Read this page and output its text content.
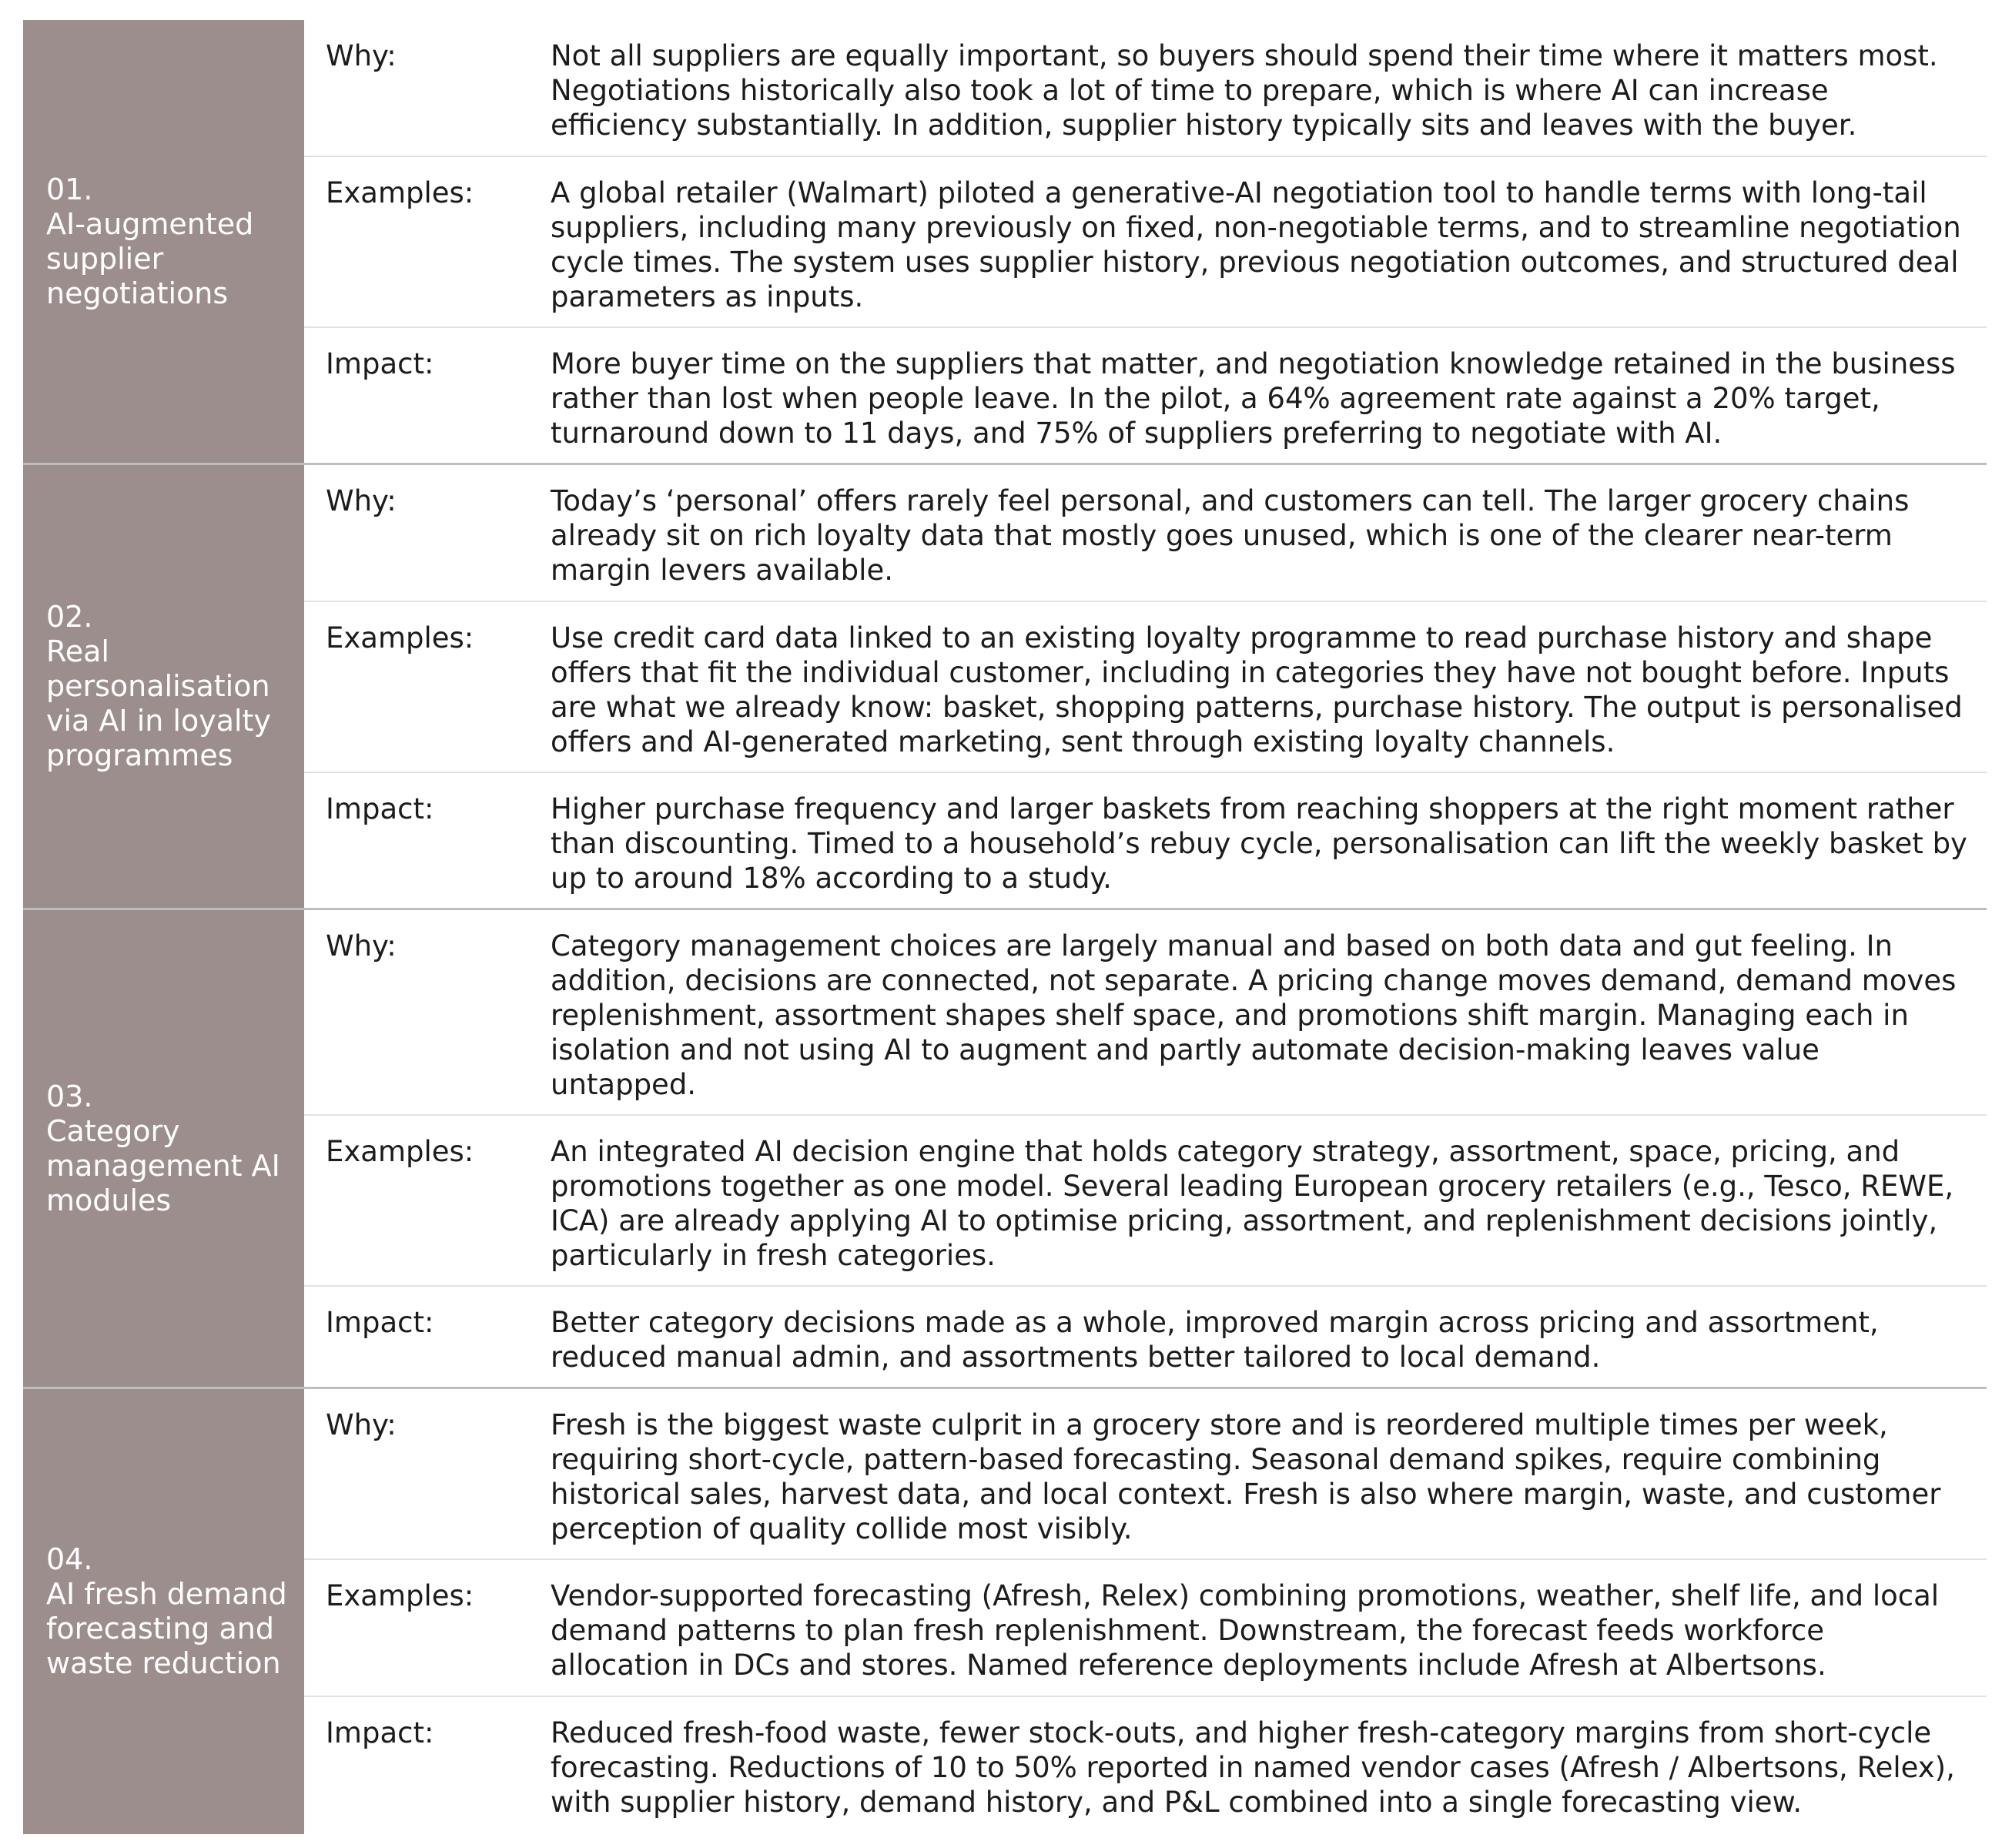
01.
AI-augmented supplier negotiations
Why:	Not all suppliers are equally important, so buyers should spend their time where it matters most. Negotiations historically also took a lot of time to prepare, which is where AI can increase efficiency substantially. In addition, supplier history typically sits and leaves with the buyer.
Examples:	A global retailer (Walmart) piloted a generative-AI negotiation tool to handle terms with long-tail suppliers, including many previously on fixed, non-negotiable terms, and to streamline negotiation cycle times. The system uses supplier history, previous negotiation outcomes, and structured deal parameters as inputs.
Impact:	More buyer time on the suppliers that matter, and negotiation knowledge retained in the business rather than lost when people leave. In the pilot, a 64% agreement rate against a 20% target, turnaround down to 11 days, and 75% of suppliers preferring to negotiate with AI.
02.
Real personalisation via AI in loyalty programmes
Why:	Today’s ‘personal’ offers rarely feel personal, and customers can tell. The larger grocery chains already sit on rich loyalty data that mostly goes unused, which is one of the clearer near-term margin levers available.
Examples:	Use credit card data linked to an existing loyalty programme to read purchase history and shape offers that fit the individual customer, including in categories they have not bought before. Inputs are what we already know: basket, shopping patterns, purchase history. The output is personalised offers and AI-generated marketing, sent through existing loyalty channels.
Impact:	Higher purchase frequency and larger baskets from reaching shoppers at the right moment rather than discounting. Timed to a household’s rebuy cycle, personalisation can lift the weekly basket by up to around 18% according to a study.
03.
Category management AI modules
Why:	Category management choices are largely manual and based on both data and gut feeling. In addition, decisions are connected, not separate. A pricing change moves demand, demand moves replenishment, assortment shapes shelf space, and promotions shift margin. Managing each in isolation and not using AI to augment and partly automate decision-making leaves value untapped.
Examples:	An integrated AI decision engine that holds category strategy, assortment, space, pricing, and promotions together as one model. Several leading European grocery retailers (e.g., Tesco, REWE, ICA) are already applying AI to optimise pricing, assortment, and replenishment decisions jointly, particularly in fresh categories.
Impact:	Better category decisions made as a whole, improved margin across pricing and assortment, reduced manual admin, and assortments better tailored to local demand.
04.
AI fresh demand forecasting and waste reduction
Why:	Fresh is the biggest waste culprit in a grocery store and is reordered multiple times per week, requiring short-cycle, pattern-based forecasting. Seasonal demand spikes, require combining historical sales, harvest data, and local context. Fresh is also where margin, waste, and customer perception of quality collide most visibly.
Examples:	Vendor-supported forecasting (Afresh, Relex) combining promotions, weather, shelf life, and local demand patterns to plan fresh replenishment. Downstream, the forecast feeds workforce allocation in DCs and stores. Named reference deployments include Afresh at Albertsons.
Impact:	Reduced fresh-food waste, fewer stock-outs, and higher fresh-category margins from short-cycle forecasting. Reductions of 10 to 50% reported in named vendor cases (Afresh / Albertsons, Relex), with supplier history, demand history, and P&L combined into a single forecasting view.
